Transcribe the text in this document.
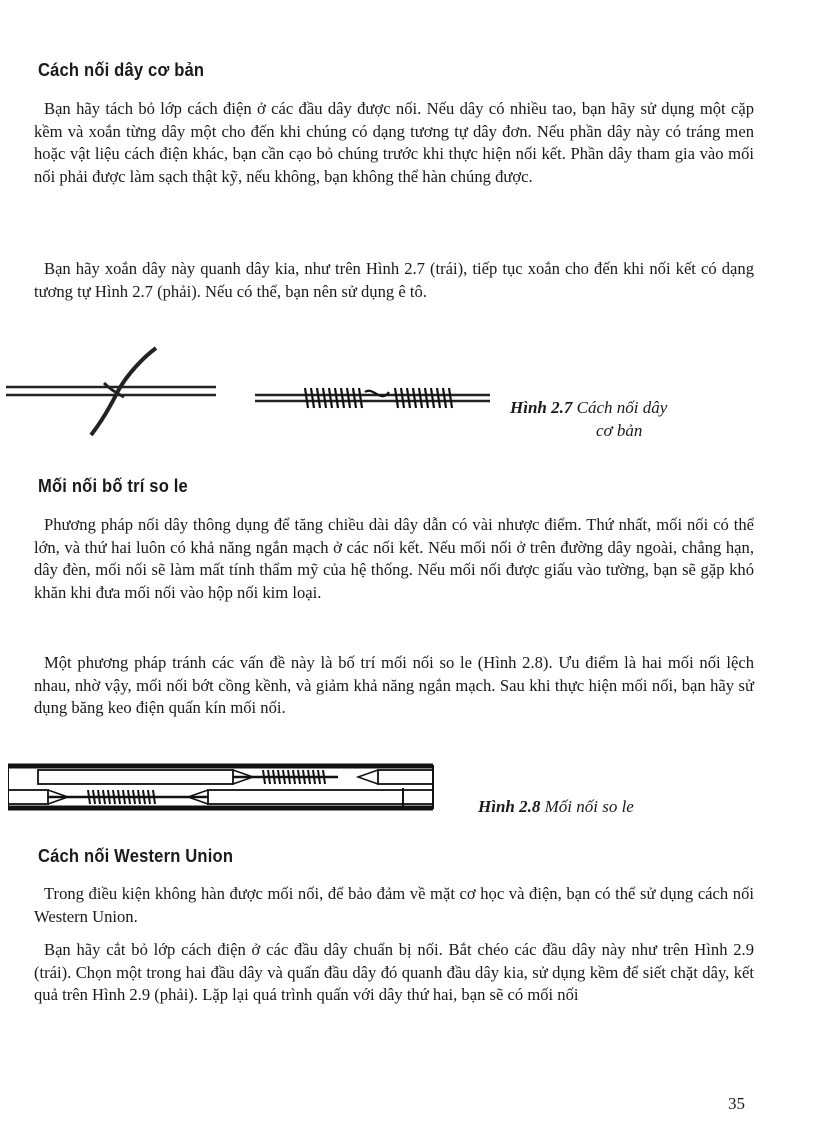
Cách nối dây cơ bản

Bạn hãy tách bỏ lớp cách điện ở các đầu dây được nối. Nếu dây có nhiều tao, bạn hãy sử dụng một cặp kềm và xoắn từng dây một cho đến khi chúng có dạng tương tự dây đơn. Nếu phần dây này có tráng men hoặc vật liệu cách điện khác, bạn cần cạo bỏ chúng trước khi thực hiện nối kết. Phần dây tham gia vào mối nối phải được làm sạch thật kỹ, nếu không, bạn không thể hàn chúng được.

Bạn hãy xoắn dây này quanh dây kia, như trên Hình 2.7 (trái), tiếp tục xoắn cho đến khi nối kết có dạng tương tự Hình 2.7 (phải). Nếu có thể, bạn nên sử dụng ê tô.

Hình 2.7 Cách nối dây
cơ bản
Mối nối bố trí so le

Phương pháp nối dây thông dụng để tăng chiều dài dây dẫn có vài nhược điểm. Thứ nhất, mối nối có thể lớn, và thứ hai luôn có khả năng ngắn mạch ở các nối kết. Nếu mối nối ở trên đường dây ngoài, chẳng hạn, dây đèn, mối nối sẽ làm mất tính thẩm mỹ của hệ thống. Nếu mối nối được giấu vào tường, bạn sẽ gặp khó khăn khi đưa mối nối vào hộp nối kim loại.

Một phương pháp tránh các vấn đề này là bố trí mối nối so le (Hình 2.8). Ưu điểm là hai mối nối lệch nhau, nhờ vậy, mối nối bớt cồng kềnh, và giảm khả năng ngắn mạch. Sau khi thực hiện mối nối, bạn hãy sử dụng băng keo điện quấn kín mối nối.

Hình 2.8 Mối nối so le
Cách nối Western Union

Trong điều kiện không hàn được mối nối, để bảo đảm về mặt cơ học và điện, bạn có thể sử dụng cách nối Western Union.

Bạn hãy cắt bỏ lớp cách điện ở các đầu dây chuẩn bị nối. Bắt chéo các đầu dây này như trên Hình 2.9 (trái). Chọn một trong hai đầu dây và quấn đầu dây đó quanh đầu dây kia, sử dụng kềm để siết chặt dây, kết quả trên Hình 2.9 (phải). Lặp lại quá trình quấn với dây thứ hai, bạn sẽ có mối nối

35
